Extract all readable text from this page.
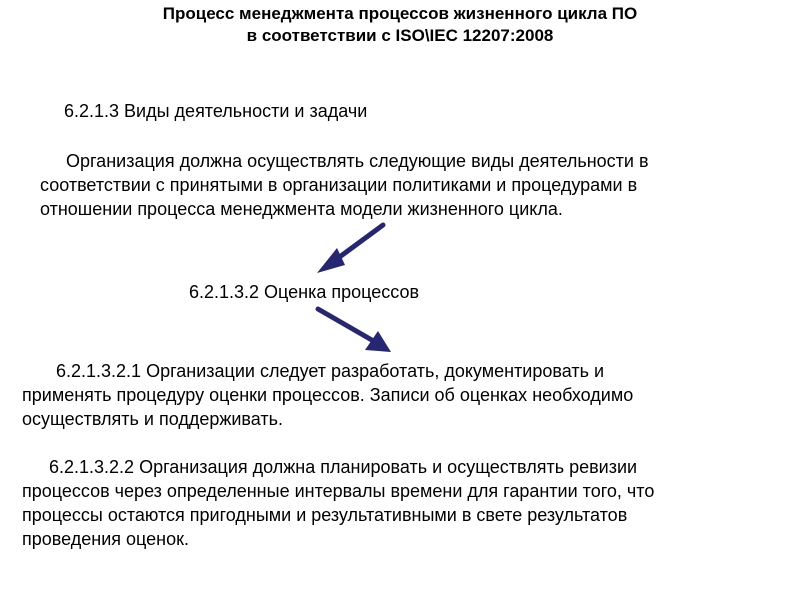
Процесс менеджмента процессов жизненного цикла ПО
в соответствии с ISO\IEC 12207:2008
6.2.1.3 Виды деятельности и задачи
Организация должна осуществлять следующие виды деятельности в
соответствии с принятыми в организации политиками и процедурами в
отношении процесса менеджмента модели жизненного цикла.
6.2.1.3.2 Оценка процессов
6.2.1.3.2.1 Организации следует разработать, документировать и
применять процедуру оценки процессов. Записи об оценках необходимо
осуществлять и поддерживать.
6.2.1.3.2.2 Организация должна планировать и осуществлять ревизии
процессов через определенные интервалы времени для гарантии того, что
процессы остаются пригодными и результативными в свете результатов
проведения оценок.
